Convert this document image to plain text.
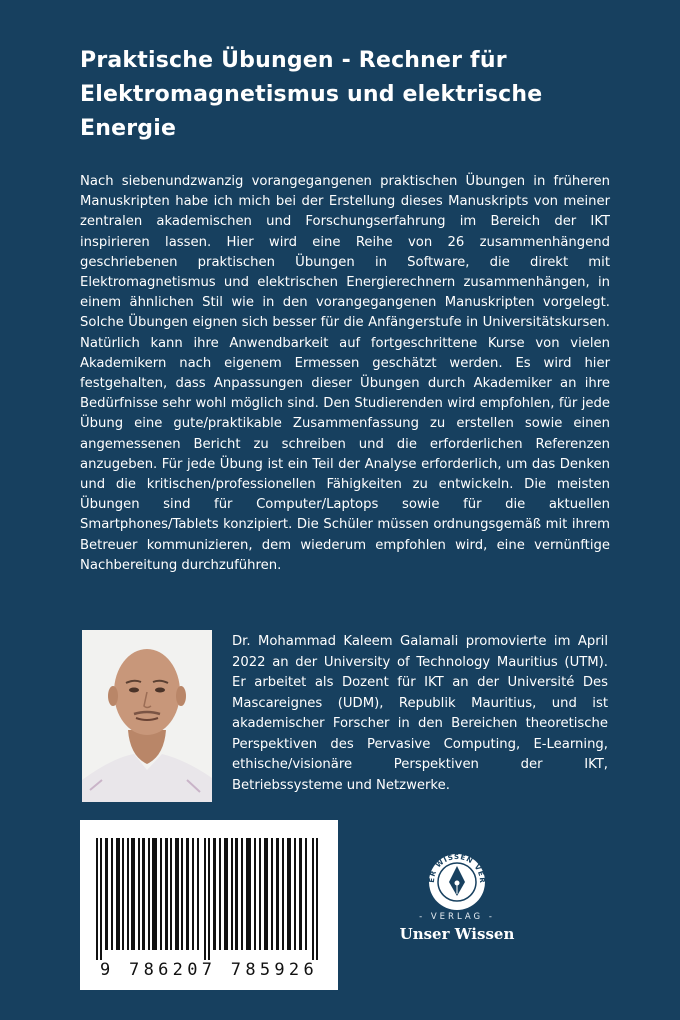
Praktische Übungen - Rechner für Elektromagnetismus und elektrische Energie

Nach siebenundzwanzig vorangegangenen praktischen Übungen in früheren Manuskripten habe ich mich bei der Erstellung dieses Manuskripts von meiner zentralen akademischen und Forschungserfahrung im Bereich der IKT inspirieren lassen. Hier wird eine Reihe von 26 zusammenhängend geschriebenen praktischen Übungen in Software, die direkt mit Elektromagnetismus und elektrischen Energierechnern zusammenhängen, in einem ähnlichen Stil wie in den vorangegangenen Manuskripten vorgelegt. Solche Übungen eignen sich besser für die Anfängerstufe in Universitätskursen. Natürlich kann ihre Anwendbarkeit auf fortgeschrittene Kurse von vielen Akademikern nach eigenem Ermessen geschätzt werden. Es wird hier festgehalten, dass Anpassungen dieser Übungen durch Akademiker an ihre Bedürfnisse sehr wohl möglich sind. Den Studierenden wird empfohlen, für jede Übung eine gute/praktikable Zusammenfassung zu erstellen sowie einen angemessenen Bericht zu schreiben und die erforderlichen Referenzen anzugeben. Für jede Übung ist ein Teil der Analyse erforderlich, um das Denken und die kritischen/professionellen Fähigkeiten zu entwickeln. Die meisten Übungen sind für Computer/Laptops sowie für die aktuellen Smartphones/Tablets konzipiert. Die Schüler müssen ordnungsgemäß mit ihrem Betreuer kommunizieren, dem wiederum empfohlen wird, eine vernünftige Nachbereitung durchzuführen.

Dr. Mohammad Kaleem Galamali promovierte im April 2022 an der University of Technology Mauritius (UTM). Er arbeitet als Dozent für IKT an der Université Des Mascareignes (UDM), Republik Mauritius, und ist akademischer Forscher in den Bereichen theoretische Perspektiven des Pervasive Computing, E-Learning, ethische/visionäre Perspektiven der IKT, Betriebssysteme und Netzwerke.

9 786207 785926
ER WISSEN VER
- VERLAG -
Unser Wissen
